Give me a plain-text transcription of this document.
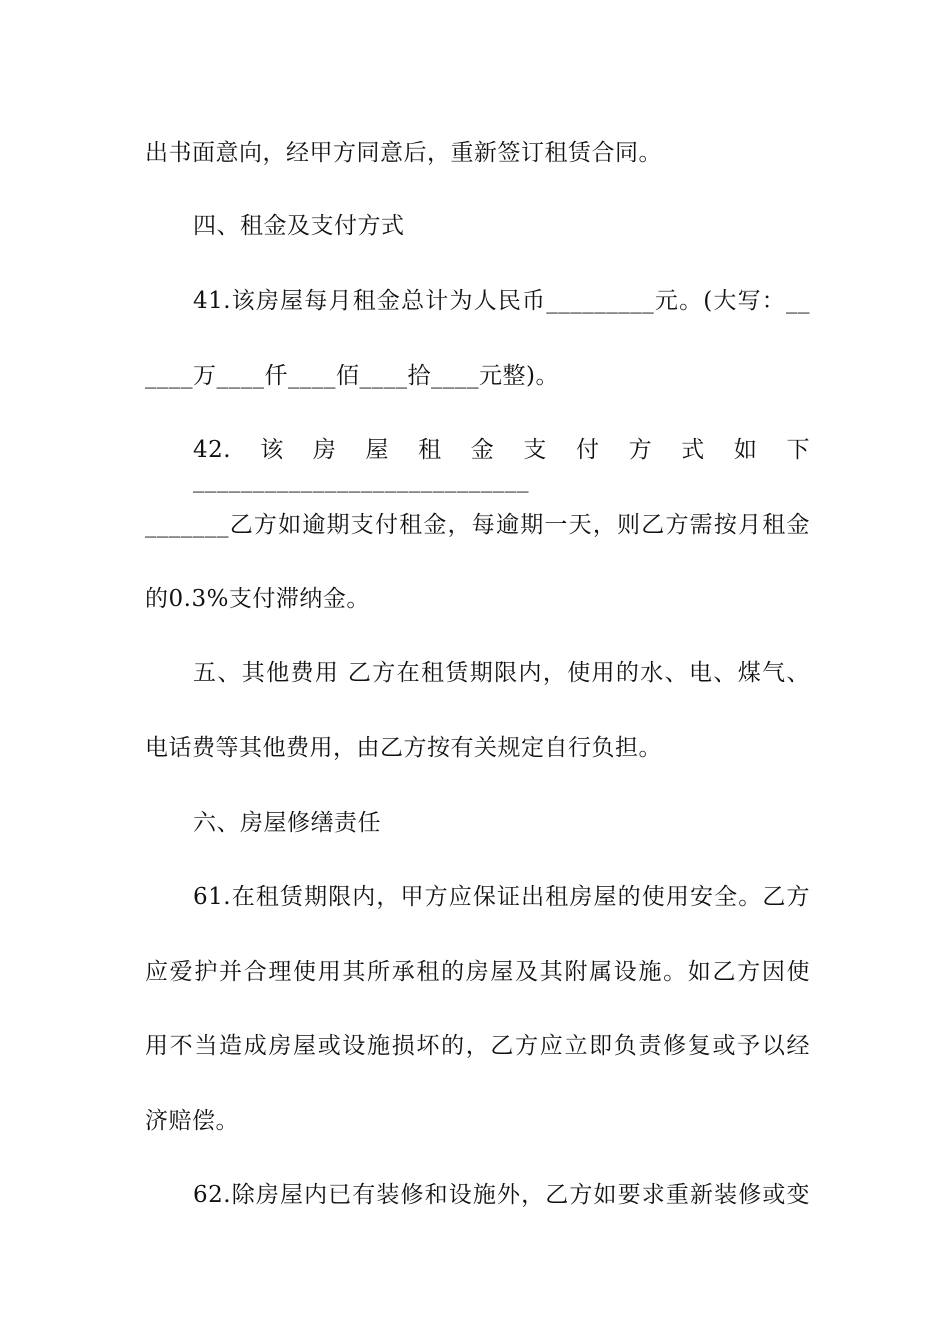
出书面意向，经甲方同意后，重新签订租赁合同。
四、租金及支付方式
41.该房屋每月租金总计为人民币_________元。(大写：__
____万____仟____佰____拾____元整)。
42.该房屋租金支付方式如下____________________________
_______乙方如逾期支付租金，每逾期一天，则乙方需按月租金
的0.3%支付滞纳金。
五、其他费用 乙方在租赁期限内，使用的水、电、煤气、
电话费等其他费用，由乙方按有关规定自行负担。
六、房屋修缮责任
61.在租赁期限内，甲方应保证出租房屋的使用安全。乙方
应爱护并合理使用其所承租的房屋及其附属设施。如乙方因使
用不当造成房屋或设施损坏的，乙方应立即负责修复或予以经
济赔偿。
62.除房屋内已有装修和设施外，乙方如要求重新装修或变
